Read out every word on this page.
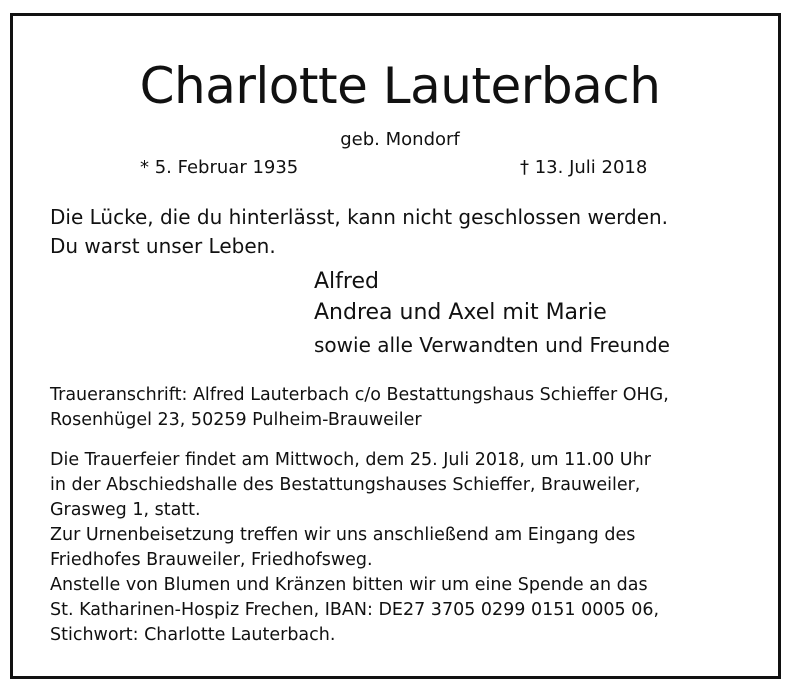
Charlotte Lauterbach
geb. Mondorf
* 5. Februar 1935	† 13. Juli 2018
Die Lücke, die du hinterlässt, kann nicht geschlossen werden.
Du warst unser Leben.
Alfred
Andrea und Axel mit Marie
sowie alle Verwandten und Freunde
Traueranschrift: Alfred Lauterbach c/o Bestattungshaus Schieffer OHG,
Rosenhügel 23, 50259 Pulheim-Brauweiler
Die Trauerfeier findet am Mittwoch, dem 25. Juli 2018, um 11.00 Uhr
in der Abschiedshalle des Bestattungshauses Schieffer, Brauweiler,
Grasweg 1, statt.
Zur Urnenbeisetzung treffen wir uns anschließend am Eingang des
Friedhofes Brauweiler, Friedhofsweg.
Anstelle von Blumen und Kränzen bitten wir um eine Spende an das
St. Katharinen-Hospiz Frechen, IBAN: DE27 3705 0299 0151 0005 06,
Stichwort: Charlotte Lauterbach.
